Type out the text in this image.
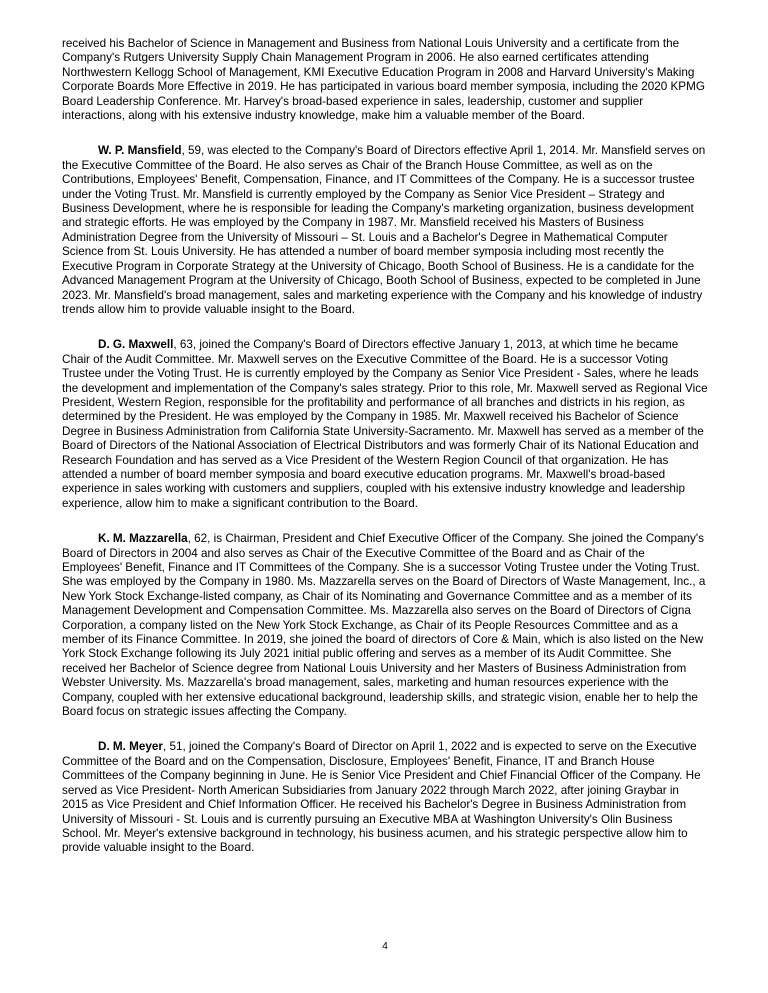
received his Bachelor of Science in Management and Business from National Louis University and a certificate from the Company's Rutgers University Supply Chain Management Program in 2006. He also earned certificates attending Northwestern Kellogg School of Management, KMI Executive Education Program in 2008 and Harvard University's Making Corporate Boards More Effective in 2019. He has participated in various board member symposia, including the 2020 KPMG Board Leadership Conference. Mr. Harvey's broad-based experience in sales, leadership, customer and supplier interactions, along with his extensive industry knowledge, make him a valuable member of the Board.

W. P. Mansfield, 59, was elected to the Company's Board of Directors effective April 1, 2014. Mr. Mansfield serves on the Executive Committee of the Board. He also serves as Chair of the Branch House Committee, as well as on the Contributions, Employees' Benefit, Compensation, Finance, and IT Committees of the Company. He is a successor trustee under the Voting Trust. Mr. Mansfield is currently employed by the Company as Senior Vice President – Strategy and Business Development, where he is responsible for leading the Company's marketing organization, business development and strategic efforts. He was employed by the Company in 1987. Mr. Mansfield received his Masters of Business Administration Degree from the University of Missouri – St. Louis and a Bachelor's Degree in Mathematical Computer Science from St. Louis University. He has attended a number of board member symposia including most recently the Executive Program in Corporate Strategy at the University of Chicago, Booth School of Business. He is a candidate for the Advanced Management Program at the University of Chicago, Booth School of Business, expected to be completed in June 2023. Mr. Mansfield's broad management, sales and marketing experience with the Company and his knowledge of industry trends allow him to provide valuable insight to the Board.

D. G. Maxwell, 63, joined the Company's Board of Directors effective January 1, 2013, at which time he became Chair of the Audit Committee. Mr. Maxwell serves on the Executive Committee of the Board. He is a successor Voting Trustee under the Voting Trust. He is currently employed by the Company as Senior Vice President - Sales, where he leads the development and implementation of the Company's sales strategy. Prior to this role, Mr. Maxwell served as Regional Vice President, Western Region, responsible for the profitability and performance of all branches and districts in his region, as determined by the President. He was employed by the Company in 1985. Mr. Maxwell received his Bachelor of Science Degree in Business Administration from California State University-Sacramento. Mr. Maxwell has served as a member of the Board of Directors of the National Association of Electrical Distributors and was formerly Chair of its National Education and Research Foundation and has served as a Vice President of the Western Region Council of that organization. He has attended a number of board member symposia and board executive education programs. Mr. Maxwell's broad-based experience in sales working with customers and suppliers, coupled with his extensive industry knowledge and leadership experience, allow him to make a significant contribution to the Board.

K. M. Mazzarella, 62, is Chairman, President and Chief Executive Officer of the Company. She joined the Company's Board of Directors in 2004 and also serves as Chair of the Executive Committee of the Board and as Chair of the Employees' Benefit, Finance and IT Committees of the Company. She is a successor Voting Trustee under the Voting Trust. She was employed by the Company in 1980. Ms. Mazzarella serves on the Board of Directors of Waste Management, Inc., a New York Stock Exchange-listed company, as Chair of its Nominating and Governance Committee and as a member of its Management Development and Compensation Committee. Ms. Mazzarella also serves on the Board of Directors of Cigna Corporation, a company listed on the New York Stock Exchange, as Chair of its People Resources Committee and as a member of its Finance Committee. In 2019, she joined the board of directors of Core & Main, which is also listed on the New York Stock Exchange following its July 2021 initial public offering and serves as a member of its Audit Committee. She received her Bachelor of Science degree from National Louis University and her Masters of Business Administration from Webster University. Ms. Mazzarella's broad management, sales, marketing and human resources experience with the Company, coupled with her extensive educational background, leadership skills, and strategic vision, enable her to help the Board focus on strategic issues affecting the Company.

D. M. Meyer, 51, joined the Company's Board of Director on April 1, 2022 and is expected to serve on the Executive Committee of the Board and on the Compensation, Disclosure, Employees' Benefit, Finance, IT and Branch House Committees of the Company beginning in June. He is Senior Vice President and Chief Financial Officer of the Company. He served as Vice President- North American Subsidiaries from January 2022 through March 2022, after joining Graybar in 2015 as Vice President and Chief Information Officer. He received his Bachelor's Degree in Business Administration from University of Missouri - St. Louis and is currently pursuing an Executive MBA at Washington University's Olin Business School. Mr. Meyer's extensive background in technology, his business acumen, and his strategic perspective allow him to provide valuable insight to the Board.

4
